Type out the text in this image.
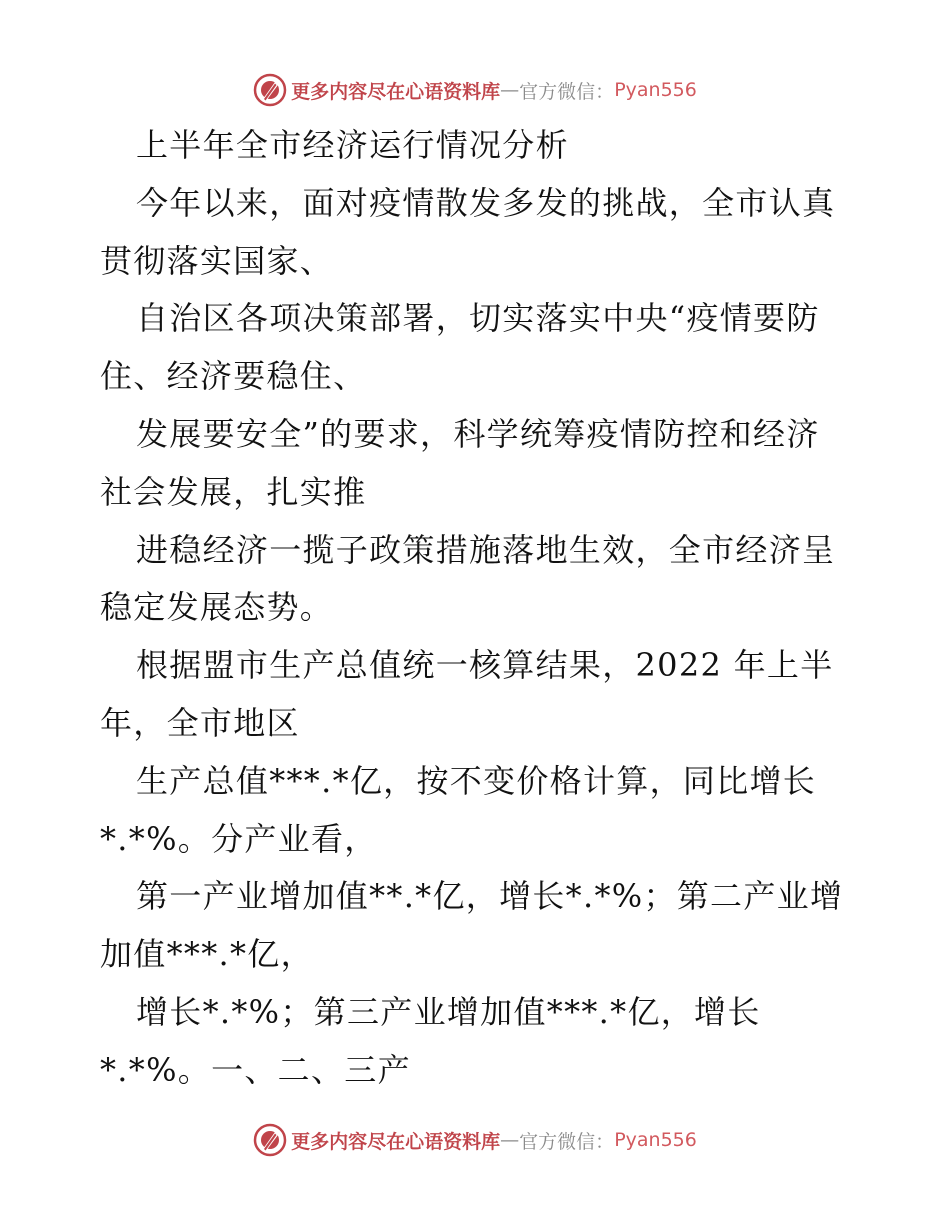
更多内容尽在心语资料库 — 官方微信： Pyan556
上半年全市经济运行情况分析
今年以来，面对疫情散发多发的挑战，全市认真
贯彻落实国家、
自治区各项决策部署，切实落实中央“疫情要防
住、经济要稳住、
发展要安全”的要求，科学统筹疫情防控和经济
社会发展，扎实推
进稳经济一揽子政策措施落地生效，全市经济呈
稳定发展态势。
根据盟市生产总值统一核算结果，2022 年上半
年，全市地区
生产总值***.*亿，按不变价格计算，同比增长
*.*%。分产业看，
第一产业增加值**.*亿，增长*.*%；第二产业增
加值***.*亿，
增长*.*%；第三产业增加值***.*亿，增长
*.*%。一、二、三产
更多内容尽在心语资料库 — 官方微信： Pyan556
